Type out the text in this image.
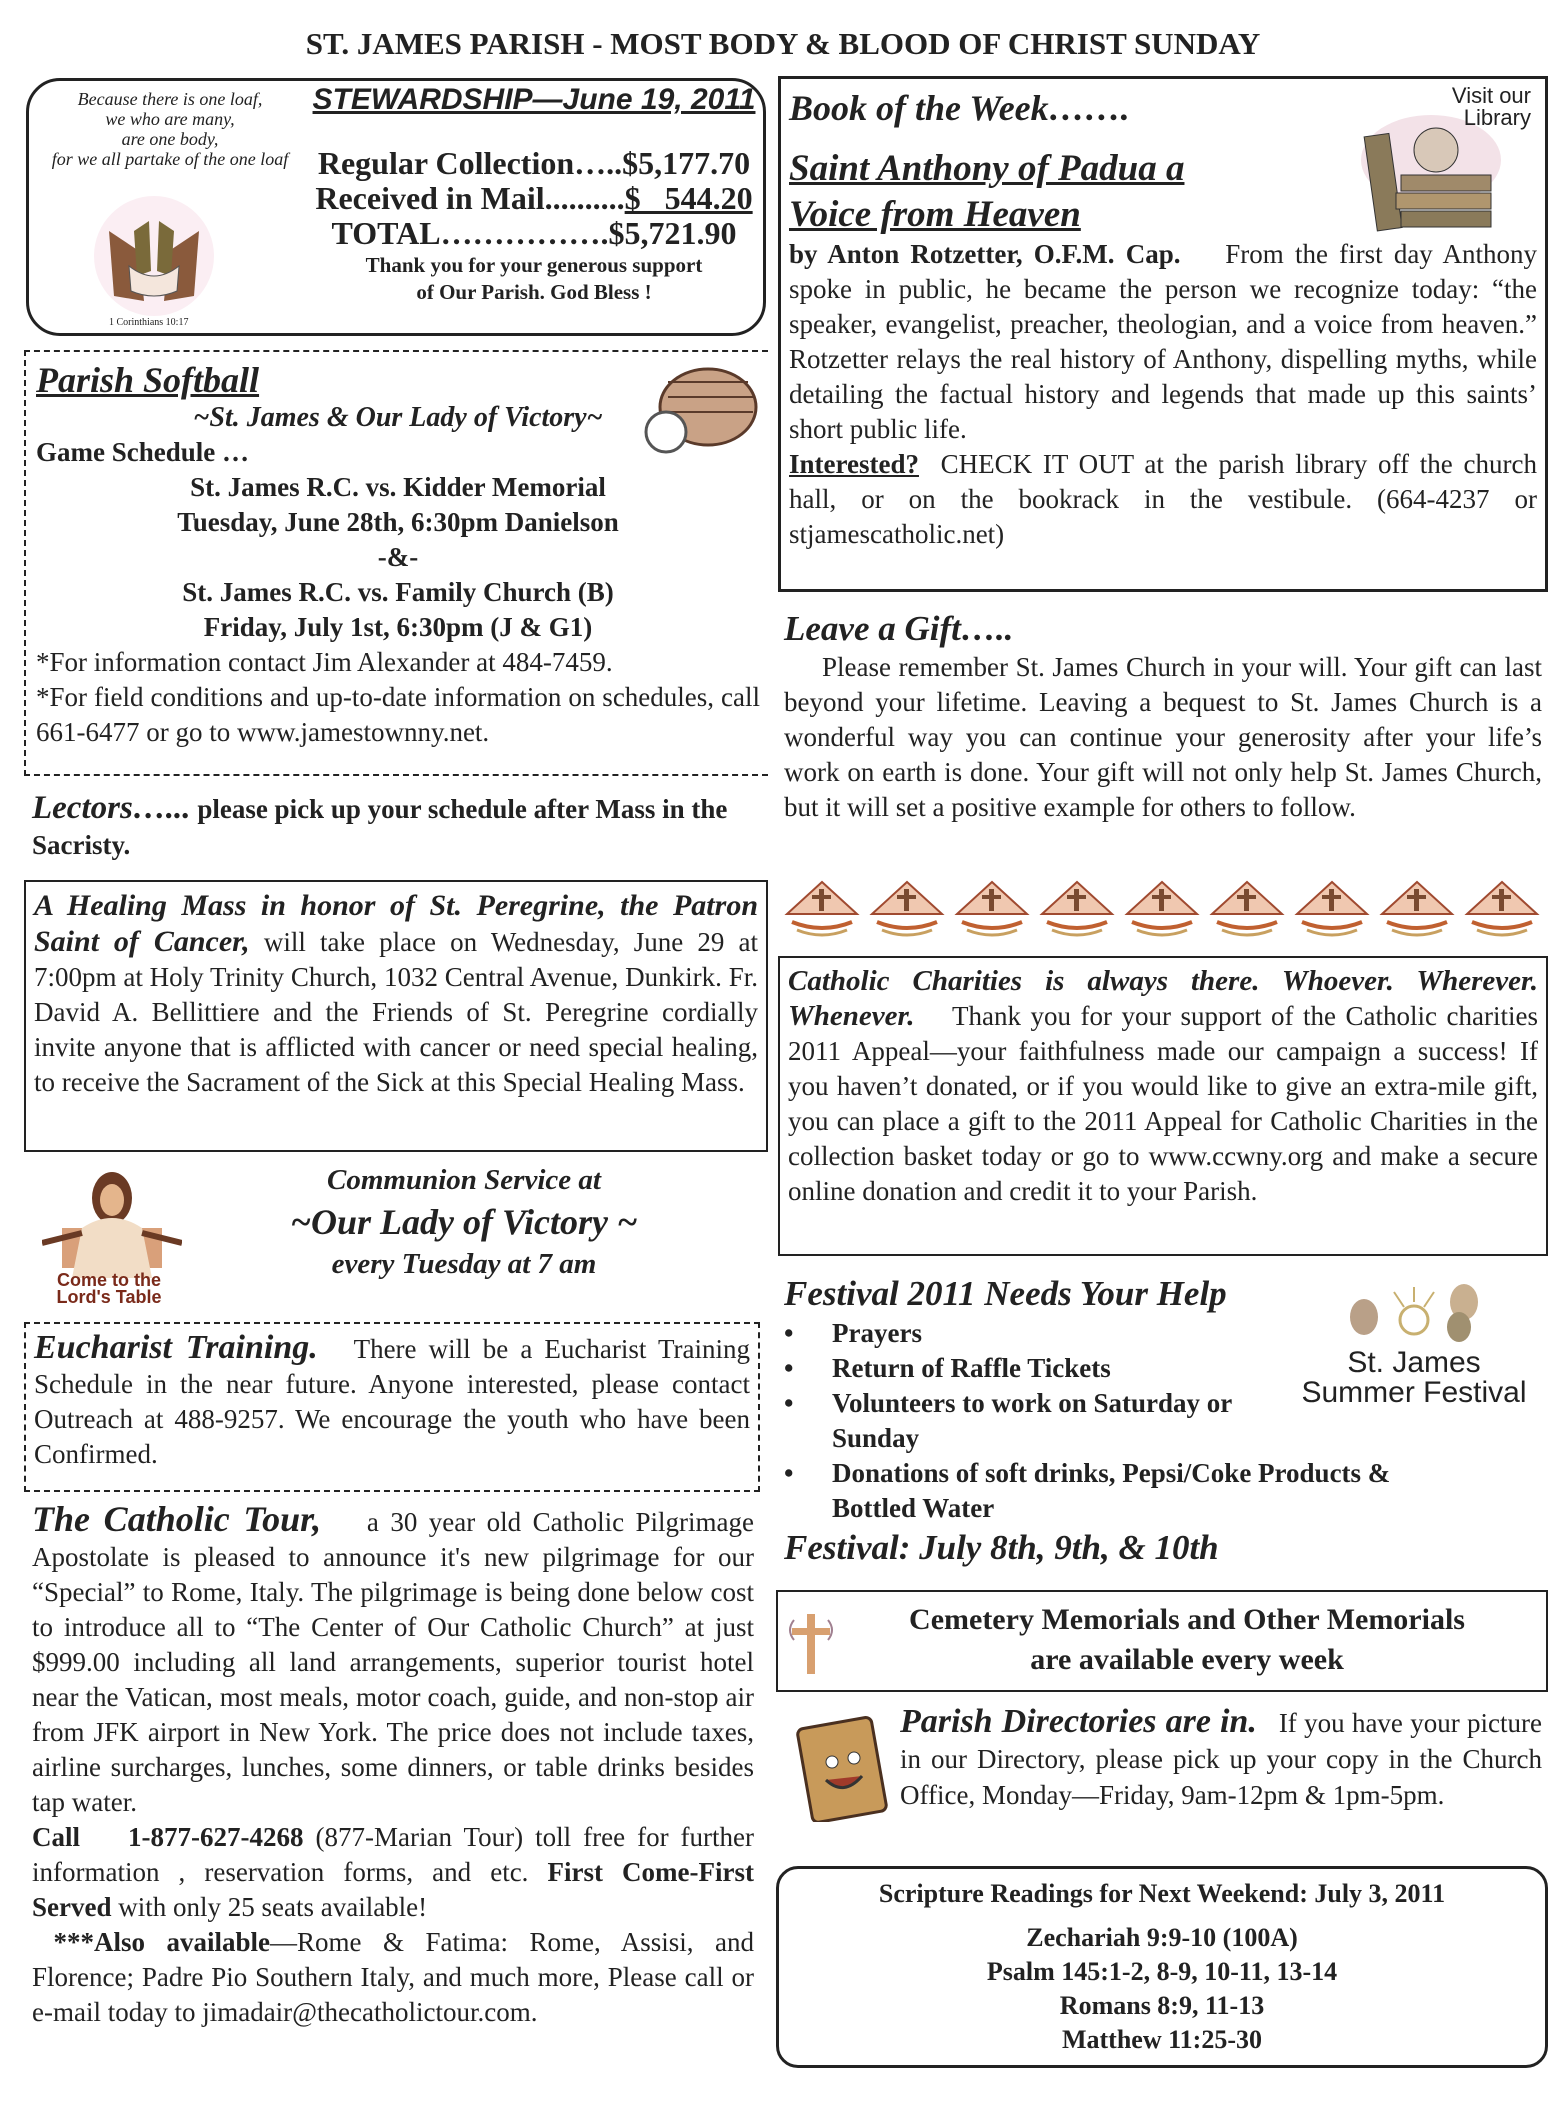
ST. JAMES PARISH - MOST BODY & BLOOD OF CHRIST SUNDAY
Because there is one loaf,
we who are many,
are one body,
for we all partake of the one loaf
1 Corinthians 10:17
STEWARDSHIP—June 19, 2011
Regular Collection…..$5,177.70
Received in Mail..........$   544.20
TOTAL…………….$5,721.90
Thank you for your generous support
of Our Parish. God Bless !
Parish Softball
~St. James & Our Lady of Victory~
Game Schedule …
St. James R.C. vs. Kidder Memorial
Tuesday, June 28th, 6:30pm Danielson
-&-
St. James R.C. vs. Family Church (B)
Friday, July 1st, 6:30pm (J & G1)
*For information contact Jim Alexander at 484-7459.
*For field conditions and up-to-date information on schedules, call 661-6477 or go to www.jamestownny.net.
Lectors…... please pick up your schedule after Mass in the Sacristy.
A Healing Mass in honor of St. Peregrine, the Patron Saint of Cancer, will take place on Wednesday, June 29 at 7:00pm at Holy Trinity Church, 1032 Central Avenue, Dunkirk. Fr. David A. Bellittiere and the Friends of St. Peregrine cordially invite anyone that is afflicted with cancer or need special healing, to receive the Sacrament of the Sick at this Special Healing Mass.
Come to the
Lord's Table
Communion Service at
~Our Lady of Victory ~
every Tuesday at 7 am
Eucharist Training. There will be a Eucharist Training Schedule in the near future. Anyone interested, please contact Outreach at 488-9257. We encourage the youth who have been Confirmed.

The Catholic Tour, a 30 year old Catholic Pilgrimage Apostolate is pleased to announce it's new pilgrimage for our “Special” to Rome, Italy. The pilgrimage is being done below cost to introduce all to “The Center of Our Catholic Church” at just $999.00 including all land arrangements, superior tourist hotel near the Vatican, most meals, motor coach, guide, and non-stop air from JFK airport in New York. The price does not include taxes, airline surcharges, lunches, some dinners, or table drinks besides tap water.

Call 1-877-627-4268 (877-Marian Tour) toll free for further information , reservation forms, and etc. First Come-First Served with only 25 seats available!

***Also available—Rome & Fatima: Rome, Assisi, and Florence; Padre Pio Southern Italy, and much more, Please call or e-mail today to jimadair@thecatholictour.com.

Book of the Week…….
Saint Anthony of Padua a
Voice from Heaven

by Anton Rotzetter, O.F.M. Cap. From the first day Anthony spoke in public, he became the person we recognize today: “the speaker, evangelist, preacher, theologian, and a voice from heaven.” Rotzetter relays the real history of Anthony, dispelling myths, while detailing the factual history and legends that made up this saints’ short public life.

Interested? CHECK IT OUT at the parish library off the church hall, or on the bookrack in the vestibule. (664-4237 or stjamescatholic.net)

Visit our Library
Leave a Gift…..

Please remember St. James Church in your will. Your gift can last beyond your lifetime. Leaving a bequest to St. James Church is a wonderful way you can continue your generosity after your life’s work on earth is done. Your gift will not only help St. James Church, but it will set a positive example for others to follow.

Catholic Charities is always there. Whoever. Wherever. Whenever. Thank you for your support of the Catholic charities 2011 Appeal—your faithfulness made our campaign a success! If you haven’t donated, or if you would like to give an extra-mile gift, you can place a gift to the 2011 Appeal for Catholic Charities in the collection basket today or go to www.ccwny.org and make a secure online donation and credit it to your Parish.
Festival 2011 Needs Your Help
•	Prayers
•	Return of Raffle Tickets
•	Volunteers to work on Saturday or Sunday
•	Donations of soft drinks, Pepsi/Coke Products & Bottled Water
Festival: July 8th, 9th, & 10th
St. James
Summer Festival
Cemetery Memorials and Other Memorials
are available every week
Parish Directories are in. If you have your picture in our Directory, please pick up your copy in the Church Office, Monday—Friday, 9am-12pm & 1pm-5pm.
Scripture Readings for Next Weekend: July 3, 2011
Zechariah 9:9-10 (100A)
Psalm 145:1-2, 8-9, 10-11, 13-14
Romans 8:9, 11-13
Matthew 11:25-30
